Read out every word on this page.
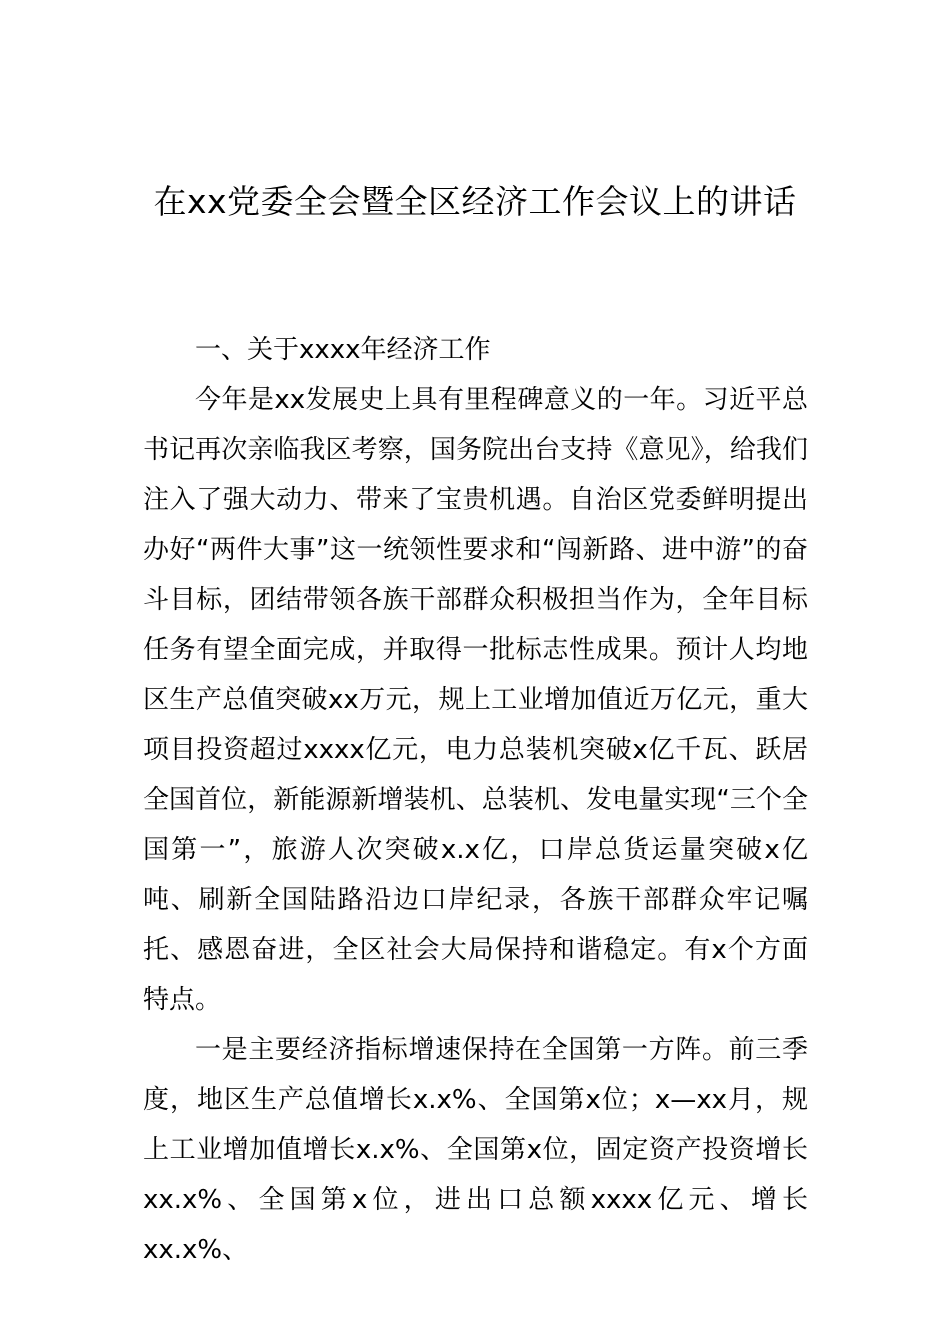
在xx党委全会暨全区经济工作会议上的讲话

一、关于xxxx年经济工作

今年是xx发展史上具有里程碑意义的一年。习近平总书记再次亲临我区考察，国务院出台支持《意见》，给我们注入了强大动力、带来了宝贵机遇。自治区党委鲜明提出办好“两件大事”这一统领性要求和“闯新路、进中游”的奋斗目标，团结带领各族干部群众积极担当作为，全年目标任务有望全面完成，并取得一批标志性成果。预计人均地区生产总值突破xx万元，规上工业增加值近万亿元，重大项目投资超过xxxx亿元，电力总装机突破x亿千瓦、跃居全国首位，新能源新增装机、总装机、发电量实现“三个全国第一”，旅游人次突破x.x亿，口岸总货运量突破x亿吨、刷新全国陆路沿边口岸纪录，各族干部群众牢记嘱托、感恩奋进，全区社会大局保持和谐稳定。有x个方面特点。

一是主要经济指标增速保持在全国第一方阵。前三季度，地区生产总值增长x.x%、全国第x位；x—xx月，规上工业增加值增长x.x%、全国第x位，固定资产投资增长xx.x%、全国第x位，进出口总额xxxx亿元、增长xx.x%、
